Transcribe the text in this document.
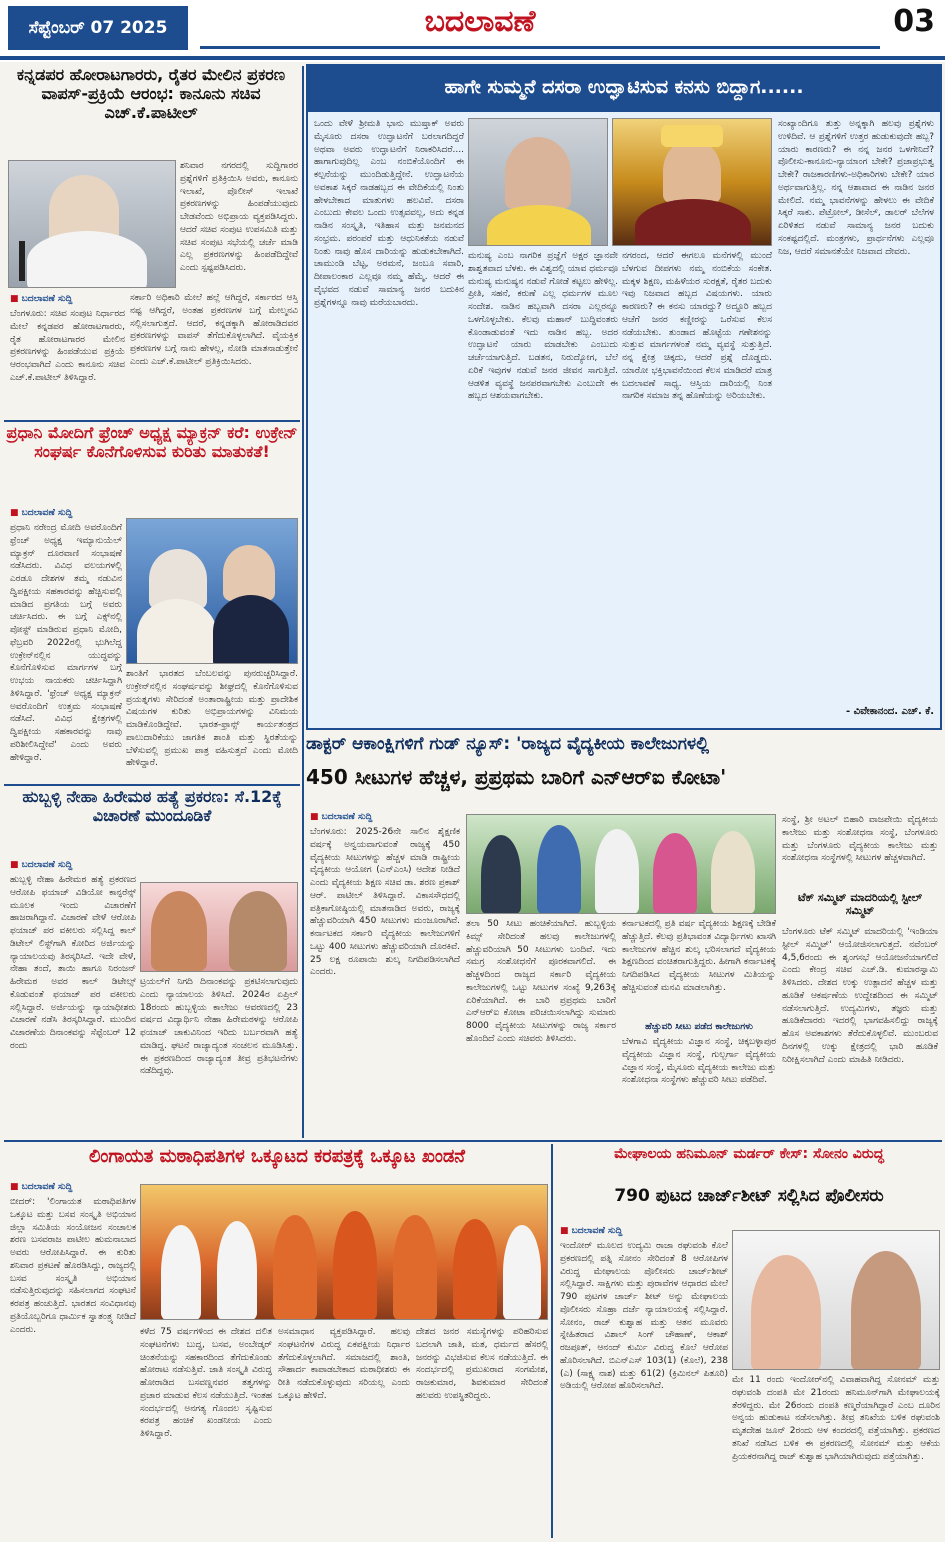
ಸೆಪ್ಟೆಂಬರ್ 07 2025	ಬದಲಾವಣೆ	03
ಕನ್ನಡಪರ ಹೋರಾಟಗಾರರು, ರೈತರ ಮೇಲಿನ ಪ್ರಕರಣ ವಾಪಸ್-ಪ್ರಕ್ರಿಯೆ ಆರಂಭ: ಕಾನೂನು ಸಚಿವ ಎಚ್.ಕೆ.ಪಾಟೀಲ್
ಶನಿವಾರ ನಗರದಲ್ಲಿ ಸುದ್ದಿಗಾರರ ಪ್ರಶ್ನೆಗಳಿಗೆ ಪ್ರತಿಕ್ರಿಯಿಸಿ ಅವರು, ಕಾನೂನು ಇಲಾಖೆ, ಪೊಲೀಸ್ ಇಲಾಖೆ ಪ್ರಕರಣಗಳನ್ನು ಹಿಂಪಡೆಯುವುದು ಬೇಡವೆಂದು ಅಭಿಪ್ರಾಯ ವ್ಯಕ್ತಪಡಿಸಿದ್ದರು. ಆದರೆ ಸಚಿವ ಸಂಪುಟ ಉಪಸಮಿತಿ ಮತ್ತು ಸಚಿವ ಸಂಪುಟ ಸಭೆಯಲ್ಲಿ ಚರ್ಚೆ ಮಾಡಿ ಎಲ್ಲ ಪ್ರಕರಣಗಳನ್ನು ಹಿಂಪಡೆದಿದ್ದೇವೆ ಎಂದು ಸ್ಪಷ್ಟಪಡಿಸಿದರು.
■ ಬದಲಾವಣೆ ಸುದ್ದಿ
ಬೆಂಗಳೂರು: ಸಚಿವ ಸಂಪುಟ ನಿರ್ಧಾರದ ಮೇಲೆ ಕನ್ನಡಪರ ಹೋರಾಟಗಾರರು, ರೈತ ಹೋರಾಟಗಾರರ ಮೇಲಿನ ಪ್ರಕರಣಗಳನ್ನು ಹಿಂಪಡೆಯುವ ಪ್ರಕ್ರಿಯೆ ಆರಂಭವಾಗಿದೆ ಎಂದು ಕಾನೂನು ಸಚಿವ ಎಚ್.ಕೆ.ಪಾಟೀಲ್ ತಿಳಿಸಿದ್ದಾರೆ.
ಸರ್ಕಾರಿ ಅಧಿಕಾರಿ ಮೇಲೆ ಹಲ್ಲೆ ಆಗಿದ್ದರೆ, ಸರ್ಕಾರದ ಆಸ್ತಿ ನಷ್ಟ ಆಗಿದ್ದರೆ, ಅಂತಹ ಪ್ರಕರಣಗಳ ಬಗ್ಗೆ ಮೇಲ್ಮನವಿ ಸಲ್ಲಿಸಲಾಗುತ್ತದೆ. ಆದರೆ, ಕನ್ನಡಕ್ಕಾಗಿ ಹೋರಾಡಿದವರ ಪ್ರಕರಣಗಳನ್ನು ವಾಪಸ್ ತೆಗೆದುಕೊಳ್ಳಲಾಗಿದೆ. ವೈಯಕ್ತಿಕ ಪ್ರಕರಣಗಳ ಬಗ್ಗೆ ನಾನು ಹೇಳಲ್ಲ, ನೋಡಿ ಮಾತನಾಡುತ್ತೇನೆ ಎಂದು ಎಚ್.ಕೆ.ಪಾಟೀಲ್ ಪ್ರತಿಕ್ರಿಯಿಸಿದರು.
ಪ್ರಧಾನಿ ಮೋದಿಗೆ ಫ್ರೆಂಚ್ ಅಧ್ಯಕ್ಷ ಮ್ಯಾಕ್ರನ್ ಕರೆ: ಉಕ್ರೇನ್ ಸಂಘರ್ಷ ಕೊನೆಗೊಳಿಸುವ ಕುರಿತು ಮಾತುಕತೆ!
■ ಬದಲಾವಣೆ ಸುದ್ದಿ
ಪ್ರಧಾನಿ ನರೇಂದ್ರ ಮೋದಿ ಅವರೊಂದಿಗೆ ಫ್ರೆಂಚ್ ಅಧ್ಯಕ್ಷ ಇಮ್ಯಾನುಯೆಲ್ ಮ್ಯಾಕ್ರನ್ ದೂರವಾಣಿ ಸಂಭಾಷಣೆ ನಡೆಸಿದರು. ವಿವಿಧ ವಲಯಗಳಲ್ಲಿ ಎರಡೂ ದೇಶಗಳ ತಮ್ಮ ನಡುವಿನ ದ್ವಿಪಕ್ಷೀಯ ಸಹಕಾರವನ್ನು ಹೆಚ್ಚಿಸುವಲ್ಲಿ ಮಾಡಿದ ಪ್ರಗತಿಯ ಬಗ್ಗೆ ಅವರು ಚರ್ಚಿಸಿದರು. ಈ ಬಗ್ಗೆ ಎಕ್ಸ್‌ನಲ್ಲಿ ಪೋಸ್ಟ್ ಮಾಡಿರುವ ಪ್ರಧಾನಿ ಮೋದಿ, ಫೆಬ್ರವರಿ 2022ರಲ್ಲಿ ಭುಗಿಲೆದ್ದ ಉಕ್ರೇನ್‌ನಲ್ಲಿನ ಯುದ್ಧವನ್ನು ಕೊನೆಗೊಳಿಸುವ ಮಾರ್ಗಗಳ ಬಗ್ಗೆ ಉಭಯ ನಾಯಕರು ಚರ್ಚಿಸಿದ್ದಾಗಿ ತಿಳಿಸಿದ್ದಾರೆ. 'ಫ್ರೆಂಚ್ ಅಧ್ಯಕ್ಷ ಮ್ಯಾಕ್ರನ್ ಅವರೊಂದಿಗೆ ಉತ್ತಮ ಸಂಭಾಷಣೆ ನಡೆಸಿದೆ. ವಿವಿಧ ಕ್ಷೇತ್ರಗಳಲ್ಲಿ ದ್ವಿಪಕ್ಷೀಯ ಸಹಕಾರವನ್ನು ನಾವು ಪರಿಶೀಲಿಸಿದ್ದೇವೆ' ಎಂದು ಅವರು ಹೇಳಿದ್ದಾರೆ.
ಶಾಂತಿಗೆ ಭಾರತದ ಬೆಂಬಲವನ್ನು ಪುನರುಚ್ಚರಿಸಿದ್ದಾರೆ. ಉಕ್ರೇನ್‌ನಲ್ಲಿನ ಸಂಘರ್ಷವನ್ನು ಶೀಘ್ರದಲ್ಲಿ ಕೊನೆಗೊಳಿಸುವ ಪ್ರಯತ್ನಗಳು ಸೇರಿದಂತೆ ಅಂತಾರಾಷ್ಟ್ರೀಯ ಮತ್ತು ಪ್ರಾದೇಶಿಕ ವಿಷಯಗಳ ಕುರಿತು ಅಭಿಪ್ರಾಯಗಳನ್ನು ವಿನಿಮಯ ಮಾಡಿಕೊಂಡಿದ್ದೇವೆ. ಭಾರತ-ಫ್ರಾನ್ಸ್ ಕಾರ್ಯತಂತ್ರದ ಪಾಲುದಾರಿಕೆಯು ಜಾಗತಿಕ ಶಾಂತಿ ಮತ್ತು ಸ್ಥಿರತೆಯನ್ನು ಬೆಳೆಸುವಲ್ಲಿ ಪ್ರಮುಖ ಪಾತ್ರ ವಹಿಸುತ್ತದೆ ಎಂದು ಮೋದಿ ಹೇಳಿದ್ದಾರೆ.
ಹುಬ್ಬಳ್ಳಿ ನೇಹಾ ಹಿರೇಮಠ ಹತ್ಯೆ ಪ್ರಕರಣ: ಸೆ.12ಕ್ಕೆ ವಿಚಾರಣೆ ಮುಂದೂಡಿಕೆ
■ ಬದಲಾವಣೆ ಸುದ್ದಿ
ಹುಬ್ಬಳ್ಳಿ ನೇಹಾ ಹಿರೇಮಠ ಹತ್ಯೆ ಪ್ರಕರಣದ ಆರೋಪಿ ಫಯಾಜ್ ವಿಡಿಯೋ ಕಾನ್ಫರೆನ್ಸ್ ಮೂಲಕ ಇಂದು ವಿಚಾರಣೆಗೆ ಹಾಜರಾಗಿದ್ದಾನೆ. ವಿಚಾರಣೆ ವೇಳೆ ಆರೋಪಿ ಫಯಾಜ್ ಪರ ವಕೀಲರು ಸಲ್ಲಿಸಿದ್ದ ಕಾಲ್ ಡಿಟೇಲ್ ಲಿಸ್ಟ್‌ಗಾಗಿ ಕೋರಿದ ಅರ್ಜಿಯನ್ನು ನ್ಯಾಯಾಲಯವು ತಿರಸ್ಕರಿಸಿದೆ. ಇದೇ ವೇಳೆ, ನೇಹಾ ತಂದೆ, ತಾಯಿ ಹಾಗೂ ನಿರಂಜನ್ ಹಿರೇಮಠ ಅವರ ಕಾಲ್ ಡಿಟೇಲ್ಸ್ ಕೊಡುವಂತೆ ಫಯಾಜ್ ಪರ ವಕೀಲರು ಸಲ್ಲಿಸಿದ್ದಾರೆ. ಅರ್ಜಿಯನ್ನು ನ್ಯಾಯಾಧೀಶರು ವಿಚಾರಣೆ ನಡೆಸಿ ತಿರಸ್ಕರಿಸಿದ್ದಾರೆ. ಮುಂದಿನ ವಿಚಾರಣೆಯ ದಿನಾಂಕವನ್ನು ಸೆಪ್ಟೆಂಬರ್ 12 ರಂದು
ಟ್ರಯಲ್‌ಗೆ ನಿಗದಿ ದಿನಾಂಕವನ್ನು ಪ್ರಕಟಿಸಲಾಗುವುದು ಎಂದು ನ್ಯಾಯಾಲಯ ತಿಳಿಸಿದೆ. 2024ರ ಏಪ್ರಿಲ್ 18ರಂದು ಹುಬ್ಬಳ್ಳಿಯ ಕಾಲೇಜು ಆವರಣದಲ್ಲಿ 23 ವರ್ಷದ ವಿದ್ಯಾರ್ಥಿನಿ ನೇಹಾ ಹಿರೇಮಠಳನ್ನು ಆರೋಪಿ ಫಯಾಜ್ ಚಾಕುವಿನಿಂದ ಇರಿದು ಬರ್ಬರವಾಗಿ ಹತ್ಯೆ ಮಾಡಿದ್ದ. ಘಟನೆ ರಾಜ್ಯಾದ್ಯಂತ ಸಂಚಲನ ಮೂಡಿಸಿತ್ತು. ಈ ಪ್ರಕರಣದಿಂದ ರಾಜ್ಯಾದ್ಯಂತ ತೀವ್ರ ಪ್ರತಿಭಟನೆಗಳು ನಡೆದಿದ್ದವು.
ಹಾಗೇ ಸುಮ್ಮನೆ ದಸರಾ ಉದ್ಘಾಟಿಸುವ ಕನಸು ಬಿದ್ದಾಗ......
ಒಂದು ವೇಳೆ ಶ್ರೀಮತಿ ಭಾನು ಮುಷ್ತಾಕ್ ಅವರು ಮೈಸೂರು ದಸರಾ ಉದ್ಘಾಟನೆಗೆ ಬರಲಾಗದಿದ್ದರೆ ಅಥವಾ ಅವರು ಉದ್ಘಾಟನೆಗೆ ನಿರಾಕರಿಸಿದರೆ.... ಹಾಗಾಗುವುದಿಲ್ಲ ಎಂಬ ನಂಬಿಕೆಯೊಂದಿಗೆ ಈ ಕಲ್ಪನೆಯನ್ನು ಮುಂದಿಡುತ್ತಿದ್ದೇನೆ. ಉದ್ಘಾಟನೆಯ ಅವಕಾಶ ಸಿಕ್ಕರೆ ನಾಡಹಬ್ಬದ ಈ ವೇದಿಕೆಯಲ್ಲಿ ನಿಂತು ಹೇಳಬೇಕಾದ ಮಾತುಗಳು ಹಲವಿವೆ. ದಸರಾ ಎಂಬುದು ಕೇವಲ ಒಂದು ಉತ್ಸವವಲ್ಲ, ಅದು ಕನ್ನಡ ನಾಡಿನ ಸಂಸ್ಕೃತಿ, ಇತಿಹಾಸ ಮತ್ತು ಜನಮನದ ಸಂಭ್ರಮ. ಪರಂಪರೆ ಮತ್ತು ಆಧುನಿಕತೆಯ ನಡುವೆ ನಿಂತು ನಾವು ಹೊಸ ದಾರಿಯನ್ನು ಹುಡುಕಬೇಕಾಗಿದೆ. ಚಾಮುಂಡಿ ಬೆಟ್ಟ, ಅರಮನೆ, ಜಂಬೂ ಸವಾರಿ, ದೀಪಾಲಂಕಾರ ಎಲ್ಲವೂ ನಮ್ಮ ಹೆಮ್ಮೆ. ಆದರೆ ಈ ವೈಭವದ ನಡುವೆ ಸಾಮಾನ್ಯ ಜನರ ಬದುಕಿನ ಪ್ರಶ್ನೆಗಳನ್ನೂ ನಾವು ಮರೆಯಬಾರದು.
ಮನುಷ್ಯ ಎಂಬ ನಾಗರಿಕ ಪ್ರಜ್ಞೆಗೆ ಅಕ್ಷರ ಜ್ಞಾನವೇ ಶಾಶ್ವತವಾದ ಬೆಳಕು. ಈ ವಿಶ್ವದಲ್ಲಿ ಯಾವ ಧರ್ಮವೂ ಮನುಷ್ಯ ಮನುಷ್ಯನ ನಡುವೆ ಗೋಡೆ ಕಟ್ಟಲು ಹೇಳಿಲ್ಲ. ಪ್ರೀತಿ, ಸಹನೆ, ಕರುಣೆ ಎಲ್ಲ ಧರ್ಮಗಳ ಮೂಲ ಸಂದೇಶ. ನಾಡಿನ ಹಬ್ಬವಾಗಿ ದಸರಾ ಎಲ್ಲರನ್ನೂ ಒಳಗೊಳ್ಳಬೇಕು. ಕೆಲವು ಮಹಾನ್ ಬುದ್ಧಿವಂತರು ಕೊಂಡಾಡುವಂತೆ ಇದು ನಾಡಿನ ಹಬ್ಬ. ಅದರ ಉದ್ಘಾಟನೆ ಯಾರು ಮಾಡಬೇಕು ಎಂಬುದು ಚರ್ಚೆಯಾಗುತ್ತಿದೆ. ಬಡತನ, ನಿರುದ್ಯೋಗ, ಬೆಲೆ ಏರಿಕೆ ಇವುಗಳ ನಡುವೆ ಜನರ ಜೀವನ ಸಾಗುತ್ತಿದೆ. ಆಡಳಿತ ವ್ಯವಸ್ಥೆ ಜನಪರವಾಗಬೇಕು ಎಂಬುದೇ ಈ ಹಬ್ಬದ ಆಶಯವಾಗಬೇಕು.
ನಗರಂದ, ಆದರೆ ಈಗಲೂ ಮನೆಗಳಲ್ಲಿ ಮುಂದೆ ಬೆಳಗುವ ದೀಪಗಳು ನಮ್ಮ ನಂಬಿಕೆಯ ಸಂಕೇತ. ಮಕ್ಕಳ ಶಿಕ್ಷಣ, ಮಹಿಳೆಯರ ಸುರಕ್ಷತೆ, ರೈತರ ಬದುಕು ಇವು ನಿಜವಾದ ಹಬ್ಬದ ವಿಷಯಗಳು. ಯಾರು ಕಾರಣರು? ಈ ಕನಸು ಯಾರದ್ದು? ಅದ್ದೂರಿ ಹಬ್ಬದ ಆಚೆಗೆ ಜನರ ಕಣ್ಣೀರನ್ನು ಒರೆಸುವ ಕೆಲಸ ನಡೆಯಬೇಕು. ತುಂಡಾದ ಹೊಟ್ಟೆಯ ಗಣೇಶನನ್ನು ಸುತ್ತುವ ಮಾರ್ಗಗಳಂತೆ ನಮ್ಮ ವ್ಯವಸ್ಥೆ ಸುತ್ತುತ್ತಿದೆ. ನನ್ನ ಕ್ಷೇತ್ರ ಚಿಕ್ಕದು, ಆದರೆ ಪ್ರಶ್ನೆ ದೊಡ್ಡದು. ಯಾರೋ ಭಕ್ತಿಭಾವನೆಯಿಂದ ಕೆಲಸ ಮಾಡಿದರೆ ಮಾತ್ರ ಬದಲಾವಣೆ ಸಾಧ್ಯ. ಆಸ್ತಿಯ ದಾರಿಯಲ್ಲಿ ನಿಂತ ನಾಗರಿಕ ಸಮಾಜ ತನ್ನ ಹೊಣೆಯನ್ನು ಅರಿಯಬೇಕು.
ಸಂಖ್ಯಾಂದಿಗೂ ತುತ್ತು ಅನ್ನಕ್ಕಾಗಿ ಹಲವು ಪ್ರಶ್ನೆಗಳು ಉಳಿದಿವೆ. ಆ ಪ್ರಶ್ನೆಗಳಿಗೆ ಉತ್ತರ ಹುಡುಕುವುದೇ ಹಬ್ಬ? ಯಾರು ಕಾರಣರು? ಈ ನನ್ನ ಜನರ ಒಳಗೇನಿದೆ? ಪೊಲೀಸು-ಕಾನೂನು-ನ್ಯಾಯಾಂಗ ಬೇಕೇ? ಪ್ರಜಾಪ್ರಭುತ್ವ ಬೇಕೇ? ರಾಜಕಾರಣಿಗಳು-ಅಧಿಕಾರಿಗಳು ಬೇಕೇ? ಯಾರ ಅರ್ಥವಾಗುತ್ತಿಲ್ಲ. ನನ್ನ ಆಶಾವಾದ ಈ ನಾಡಿನ ಜನರ ಮೇಲಿದೆ. ನಮ್ಮ ಭಾವನೆಗಳನ್ನು ಹೇಳಲು ಈ ವೇದಿಕೆ ಸಿಕ್ಕರೆ ಸಾಕು. ಪೆಟ್ರೋಲ್, ಡೀಸೆಲ್, ಡಾಲರ್ ಬೆಲೆಗಳ ಏರಿಳಿತದ ನಡುವೆ ಸಾಮಾನ್ಯ ಜನರ ಬದುಕು ಸಂಕಷ್ಟದಲ್ಲಿದೆ. ಮಂತ್ರಗಳು, ಪ್ರಾರ್ಥನೆಗಳು ಎಲ್ಲವೂ ನಿಜ, ಆದರೆ ಸಮಾನತೆಯೇ ನಿಜವಾದ ದೇವರು.
- ವಿವೇಕಾನಂದ. ಎಚ್. ಕೆ.
ಡಾಕ್ಟರ್ ಆಕಾಂಕ್ಷಿಗಳಿಗೆ ಗುಡ್ ನ್ಯೂಸ್: 'ರಾಜ್ಯದ ವೈದ್ಯಕೀಯ ಕಾಲೇಜುಗಳಲ್ಲಿ
450 ಸೀಟುಗಳ ಹೆಚ್ಚಳ, ಪ್ರಪ್ರಥಮ ಬಾರಿಗೆ ಎನ್‌ಆರ್‌ಐ ಕೋಟಾ'
■ ಬದಲಾವಣೆ ಸುದ್ದಿ
ಬೆಂಗಳೂರು: 2025-26ನೇ ಸಾಲಿನ ಶೈಕ್ಷಣಿಕ ವರ್ಷಕ್ಕೆ ಅನ್ವಯವಾಗುವಂತೆ ರಾಜ್ಯಕ್ಕೆ 450 ವೈದ್ಯಕೀಯ ಸೀಟುಗಳನ್ನು ಹೆಚ್ಚಳ ಮಾಡಿ ರಾಷ್ಟ್ರೀಯ ವೈದ್ಯಕೀಯ ಆಯೋಗ (ಎನ್‌ಎಂಸಿ) ಆದೇಶ ನೀಡಿದೆ ಎಂದು ವೈದ್ಯಕೀಯ ಶಿಕ್ಷಣ ಸಚಿವ ಡಾ. ಶರಣ ಪ್ರಕಾಶ್ ಆರ್. ಪಾಟೀಲ್ ತಿಳಿಸಿದ್ದಾರೆ. ವಿಕಾಸಸೌಧದಲ್ಲಿ ಪತ್ರಿಕಾಗೋಷ್ಠಿಯಲ್ಲಿ ಮಾತನಾಡಿದ ಅವರು, ರಾಜ್ಯಕ್ಕೆ ಹೆಚ್ಚುವರಿಯಾಗಿ 450 ಸೀಟುಗಳು ಮಂಜೂರಾಗಿವೆ. ಕರ್ನಾಟಕದ ಸರ್ಕಾರಿ ವೈದ್ಯಕೀಯ ಕಾಲೇಜುಗಳಿಗೆ ಒಟ್ಟು 400 ಸೀಟುಗಳು ಹೆಚ್ಚುವರಿಯಾಗಿ ದೊರಕಿವೆ. 25 ಲಕ್ಷ ರೂಪಾಯಿ ಶುಲ್ಕ ನಿಗದಿಪಡಿಸಲಾಗಿದೆ ಎಂದರು.
ತಲಾ 50 ಸೀಟು ಹಂಚಿಕೆಯಾಗಿದೆ. ಹುಬ್ಬಳ್ಳಿಯ ಕಿಮ್ಸ್ ಸೇರಿದಂತೆ ಹಲವು ಕಾಲೇಜುಗಳಲ್ಲಿ ಹೆಚ್ಚುವರಿಯಾಗಿ 50 ಸೀಟುಗಳು ಬಂದಿವೆ. ಇದು ಸಮಗ್ರ ಸಂಶೋಧನೆಗೆ ಪೂರಕವಾಗಲಿದೆ. ಈ ಹೆಚ್ಚಳದಿಂದ ರಾಜ್ಯದ ಸರ್ಕಾರಿ ವೈದ್ಯಕೀಯ ಕಾಲೇಜುಗಳಲ್ಲಿ ಒಟ್ಟು ಸೀಟುಗಳ ಸಂಖ್ಯೆ 9,263ಕ್ಕೆ ಏರಿಕೆಯಾಗಿದೆ. ಈ ಬಾರಿ ಪ್ರಪ್ರಥಮ ಬಾರಿಗೆ ಎನ್‌ಆರ್‌ಐ ಕೋಟಾ ಪರಿಚಯಿಸಲಾಗಿದ್ದು ಸುಮಾರು 8000 ವೈದ್ಯಕೀಯ ಸೀಟುಗಳನ್ನು ರಾಜ್ಯ ಸರ್ಕಾರ ಹೊಂದಿದೆ ಎಂದು ಸಚಿವರು ತಿಳಿಸಿದರು.
ಕರ್ನಾಟಕದಲ್ಲಿ ಪ್ರತಿ ವರ್ಷ ವೈದ್ಯಕೀಯ ಶಿಕ್ಷಣಕ್ಕೆ ಬೇಡಿಕೆ ಹೆಚ್ಚುತ್ತಿದೆ. ಕೆಲವು ಪ್ರತಿಭಾವಂತ ವಿದ್ಯಾರ್ಥಿಗಳು ಖಾಸಗಿ ಕಾಲೇಜುಗಳ ಹೆಚ್ಚಿನ ಶುಲ್ಕ ಭರಿಸಲಾಗದೆ ವೈದ್ಯಕೀಯ ಶಿಕ್ಷಣದಿಂದ ವಂಚಿತರಾಗುತ್ತಿದ್ದರು. ಹೀಗಾಗಿ ಕರ್ನಾಟಕಕ್ಕೆ ನಿಗದಿಪಡಿಸಿದ ವೈದ್ಯಕೀಯ ಸೀಟುಗಳ ಮಿತಿಯನ್ನು ಹೆಚ್ಚಿಸುವಂತೆ ಮನವಿ ಮಾಡಲಾಗಿತ್ತು.
ಹೆಚ್ಚುವರಿ ಸೀಟು ಪಡೆದ ಕಾಲೇಜುಗಳು
ಬೆಳಗಾವಿ ವೈದ್ಯಕೀಯ ವಿಜ್ಞಾನ ಸಂಸ್ಥೆ, ಚಿಕ್ಕಬಳ್ಳಾಪುರ ವೈದ್ಯಕೀಯ ವಿಜ್ಞಾನ ಸಂಸ್ಥೆ, ಗುಲ್ಬರ್ಗಾ ವೈದ್ಯಕೀಯ ವಿಜ್ಞಾನ ಸಂಸ್ಥೆ, ಮೈಸೂರು ವೈದ್ಯಕೀಯ ಕಾಲೇಜು ಮತ್ತು ಸಂಶೋಧನಾ ಸಂಸ್ಥೆಗಳು ಹೆಚ್ಚುವರಿ ಸೀಟು ಪಡೆದಿವೆ.
ಸಂಸ್ಥೆ, ಶ್ರೀ ಅಟಲ್ ಬಿಹಾರಿ ವಾಜಪೇಯಿ ವೈದ್ಯಕೀಯ ಕಾಲೇಜು ಮತ್ತು ಸಂಶೋಧನಾ ಸಂಸ್ಥೆ, ಬೆಂಗಳೂರು ಮತ್ತು ಬೆಂಗಳೂರು ವೈದ್ಯಕೀಯ ಕಾಲೇಜು ಮತ್ತು ಸಂಶೋಧನಾ ಸಂಸ್ಥೆಗಳಲ್ಲಿ ಸೀಟುಗಳ ಹೆಚ್ಚಳವಾಗಿದೆ.
ಟೆಕ್ ಸಮ್ಮಿಟ್ ಮಾದರಿಯಲ್ಲಿ ಸ್ಟೀಲ್ ಸಮ್ಮಿಟ್
ಬೆಂಗಳೂರು ಟೆಕ್ ಸಮ್ಮಿಟ್ ಮಾದರಿಯಲ್ಲಿ 'ಇಂಡಿಯಾ ಸ್ಟೀಲ್ ಸಮ್ಮಿಟ್' ಆಯೋಜಿಸಲಾಗುತ್ತದೆ. ನವೆಂಬರ್ 4,5,6ರಂದು ಈ ಶೃಂಗಸಭೆ ಆಯೋಜನೆಯಾಗಲಿದೆ ಎಂದು ಕೇಂದ್ರ ಸಚಿವ ಎಚ್.ಡಿ. ಕುಮಾರಸ್ವಾಮಿ ತಿಳಿಸಿದರು. ದೇಶದ ಉಕ್ಕು ಉತ್ಪಾದನೆ ಹೆಚ್ಚಳ ಮತ್ತು ಹೂಡಿಕೆ ಆಕರ್ಷಣೆಯ ಉದ್ದೇಶದಿಂದ ಈ ಸಮ್ಮಿಟ್ ನಡೆಸಲಾಗುತ್ತಿದೆ. ಉದ್ಯಮಿಗಳು, ತಜ್ಞರು ಮತ್ತು ಹೂಡಿಕೆದಾರರು ಇದರಲ್ಲಿ ಭಾಗವಹಿಸಲಿದ್ದು ರಾಜ್ಯಕ್ಕೆ ಹೊಸ ಅವಕಾಶಗಳು ತೆರೆದುಕೊಳ್ಳಲಿವೆ. ಮುಂಬರುವ ದಿನಗಳಲ್ಲಿ ಉಕ್ಕು ಕ್ಷೇತ್ರದಲ್ಲಿ ಭಾರಿ ಹೂಡಿಕೆ ನಿರೀಕ್ಷಿಸಲಾಗಿದೆ ಎಂದು ಮಾಹಿತಿ ನೀಡಿದರು.
ಲಿಂಗಾಯತ ಮಠಾಧಿಪತಿಗಳ ಒಕ್ಕೂಟದ ಕರಪತ್ರಕ್ಕೆ ಒಕ್ಕೂಟ ಖಂಡನೆ
■ ಬದಲಾವಣೆ ಸುದ್ದಿ
ಬೀದರ್: 'ಲಿಂಗಾಯತ ಮಠಾಧಿಪತಿಗಳ ಒಕ್ಕೂಟ ಮತ್ತು ಬಸವ ಸಂಸ್ಕೃತಿ ಅಭಿಯಾನ ಜಿಲ್ಲಾ ಸಮಿತಿಯ ಸಂಯೋಜನ ಸಂಚಾಲಕ ಶರಣ ಬಸವರಾಜ ಪಾಟೀಲ ಹುಮನಾಬಾದ ಅವರು ಆರೋಪಿಸಿದ್ದಾರೆ. ಈ ಕುರಿತು ಶನಿವಾರ ಪ್ರಕಟಣೆ ಹೊರಡಿಸಿದ್ದು, ರಾಜ್ಯದಲ್ಲಿ ಬಸವ ಸಂಸ್ಕೃತಿ ಅಭಿಯಾನ ನಡೆಸುತ್ತಿರುವುದನ್ನು ಸಹಿಸಲಾಗದ ಸಂಘಟನೆ ಕರಪತ್ರ ಹಂಚುತ್ತಿದೆ. ಭಾರತದ ಸಂವಿಧಾನವು ಪ್ರತಿಯೊಬ್ಬರಿಗೂ ಧಾರ್ಮಿಕ ಸ್ವಾತಂತ್ರ್ಯ ನೀಡಿದೆ ಎಂದರು.	ಕಳೆದ 75 ವರ್ಷಗಳಿಂದ ಈ ದೇಶದ ದಲಿತ ಸಂಘಟನೆಗಳು ಬುದ್ಧ, ಬಸವ, ಅಂಬೇಡ್ಕರ್ ಚಿಂತನೆಯನ್ನು ಸಹಕಾರದಿಂದ ತೆಗೆದುಕೊಂಡು ಹೋರಾಟ ನಡೆಸುತ್ತಿವೆ. ಜಾತಿ ಸಂಸ್ಕೃತಿ ವಿರುದ್ಧ ಹೋರಾಡಿದ ಬಸವಣ್ಣನವರ ತತ್ವಗಳನ್ನು ಪ್ರಚಾರ ಮಾಡುವ ಕೆಲಸ ನಡೆಯುತ್ತಿದೆ. ಇಂತಹ ಸಂದರ್ಭದಲ್ಲಿ ಅನಗತ್ಯ ಗೊಂದಲ ಸೃಷ್ಟಿಸುವ ಕರಪತ್ರ ಹಂಚಿಕೆ ಖಂಡನೀಯ ಎಂದು ತಿಳಿಸಿದ್ದಾರೆ.
ಅಸಮಾಧಾನ ವ್ಯಕ್ತಪಡಿಸಿದ್ದಾರೆ. ಹಲವು ಸಂಘಟನೆಗಳ ವಿರುದ್ಧ ಏಕಪಕ್ಷೀಯ ನಿರ್ಧಾರ ತೆಗೆದುಕೊಳ್ಳಲಾಗಿದೆ. ಸಮಾಜದಲ್ಲಿ ಶಾಂತಿ, ಸೌಹಾರ್ದ ಕಾಪಾಡಬೇಕಾದ ಮಠಾಧೀಶರು ಈ ರೀತಿ ನಡೆದುಕೊಳ್ಳುವುದು ಸರಿಯಲ್ಲ ಎಂದು ಒಕ್ಕೂಟ ಹೇಳಿದೆ.
ದೇಶದ ಜನರ ಸಮಸ್ಯೆಗಳನ್ನು ಪರಿಹರಿಸುವ ಬದಲಾಗಿ ಜಾತಿ, ಮತ, ಧರ್ಮದ ಹೆಸರಲ್ಲಿ ಜನರನ್ನು ವಿಭಜಿಸುವ ಕೆಲಸ ನಡೆಯುತ್ತಿದೆ. ಈ ಸಂದರ್ಭದಲ್ಲಿ ಪ್ರಮುಖರಾದ ಸಂಗಮೇಶ, ರಾಜಕುಮಾರ, ಶಿವಕುಮಾರ ಸೇರಿದಂತೆ ಹಲವರು ಉಪಸ್ಥಿತರಿದ್ದರು.
ಮೇಘಾಲಯ ಹನಿಮೂನ್ ಮರ್ಡರ್ ಕೇಸ್: ಸೋನಂ ವಿರುದ್ಧ
790 ಪುಟದ ಚಾರ್ಜ್‌ಶೀಟ್ ಸಲ್ಲಿಸಿದ ಪೊಲೀಸರು
■ ಬದಲಾವಣೆ ಸುದ್ದಿ
ಇಂದೋರ್ ಮೂಲದ ಉದ್ಯಮಿ ರಾಜಾ ರಘುವಂಶಿ ಕೊಲೆ ಪ್ರಕರಣದಲ್ಲಿ ಪತ್ನಿ ಸೋನಂ ಸೇರಿದಂತೆ 8 ಆರೋಪಿಗಳ ವಿರುದ್ಧ ಮೇಘಾಲಯ ಪೊಲೀಸರು ಚಾರ್ಜ್‌ಶೀಟ್ ಸಲ್ಲಿಸಿದ್ದಾರೆ. ಸಾಕ್ಷಿಗಳು ಮತ್ತು ಪುರಾವೆಗಳ ಆಧಾರದ ಮೇಲೆ 790 ಪುಟಗಳ ಚಾರ್ಜ್ ಶೀಟ್ ಅನ್ನು ಮೇಘಾಲಯ ಪೊಲೀಸರು ಸೊಹ್ರಾ ದರ್ಜೆ ನ್ಯಾಯಾಲಯಕ್ಕೆ ಸಲ್ಲಿಸಿದ್ದಾರೆ. ಸೋನಂ, ರಾಜ್ ಕುಶ್ವಾಹ ಮತ್ತು ಆತನ ಮೂವರು ಸ್ನೇಹಿತರಾದ ವಿಶಾಲ್ ಸಿಂಗ್ ಚೌಹಾಣ್, ಆಕಾಶ್ ರಜಪೂತ್, ಆನಂದ್ ಕುರ್ಮಿ ವಿರುದ್ಧ ಕೊಲೆ ಆರೋಪ ಹೊರಿಸಲಾಗಿದೆ. ಬಿಎನ್‌ಎಸ್ 103(1) (ಕೊಲೆ), 238 (ಎ) (ಸಾಕ್ಷ್ಯ ನಾಶ) ಮತ್ತು 61(2) (ಕ್ರಿಮಿನಲ್ ಪಿತೂರಿ) ಅಡಿಯಲ್ಲಿ ಆರೋಪ ಹೊರಿಸಲಾಗಿದೆ.
ಮೇ 11 ರಂದು ಇಂದೋರ್‌ನಲ್ಲಿ ವಿವಾಹವಾಗಿದ್ದ ಸೋನಮ್ ಮತ್ತು ರಘುವಂಶಿ ದಂಪತಿ ಮೇ 21ರಂದು ಹನಿಮೂನ್‌ಗಾಗಿ ಮೇಘಾಲಯಕ್ಕೆ ತೆರಳಿದ್ದರು. ಮೇ 26ರಂದು ದಂಪತಿ ಕಣ್ಮರೆಯಾಗಿದ್ದಾರೆ ಎಂಬ ದೂರಿನ ಅನ್ವಯ ಹುಡುಕಾಟ ನಡೆಸಲಾಗಿತ್ತು. ತೀವ್ರ ತನಿಖೆಯ ಬಳಿಕ ರಘುವಂಶಿ ಮೃತದೇಹ ಜೂನ್ 2ರಂದು ಆಳ ಕಂದರದಲ್ಲಿ ಪತ್ತೆಯಾಗಿತ್ತು. ಪ್ರಕರಣದ ತನಿಖೆ ನಡೆಸಿದ ಬಳಿಕ ಈ ಪ್ರಕರಣದಲ್ಲಿ ಸೋನಮ್ ಮತ್ತು ಆಕೆಯ ಪ್ರಿಯಕರನಾಗಿದ್ದ ರಾಜ್ ಕುಶ್ವಾಹ ಭಾಗಿಯಾಗಿರುವುದು ಪತ್ತೆಯಾಗಿತ್ತು.
